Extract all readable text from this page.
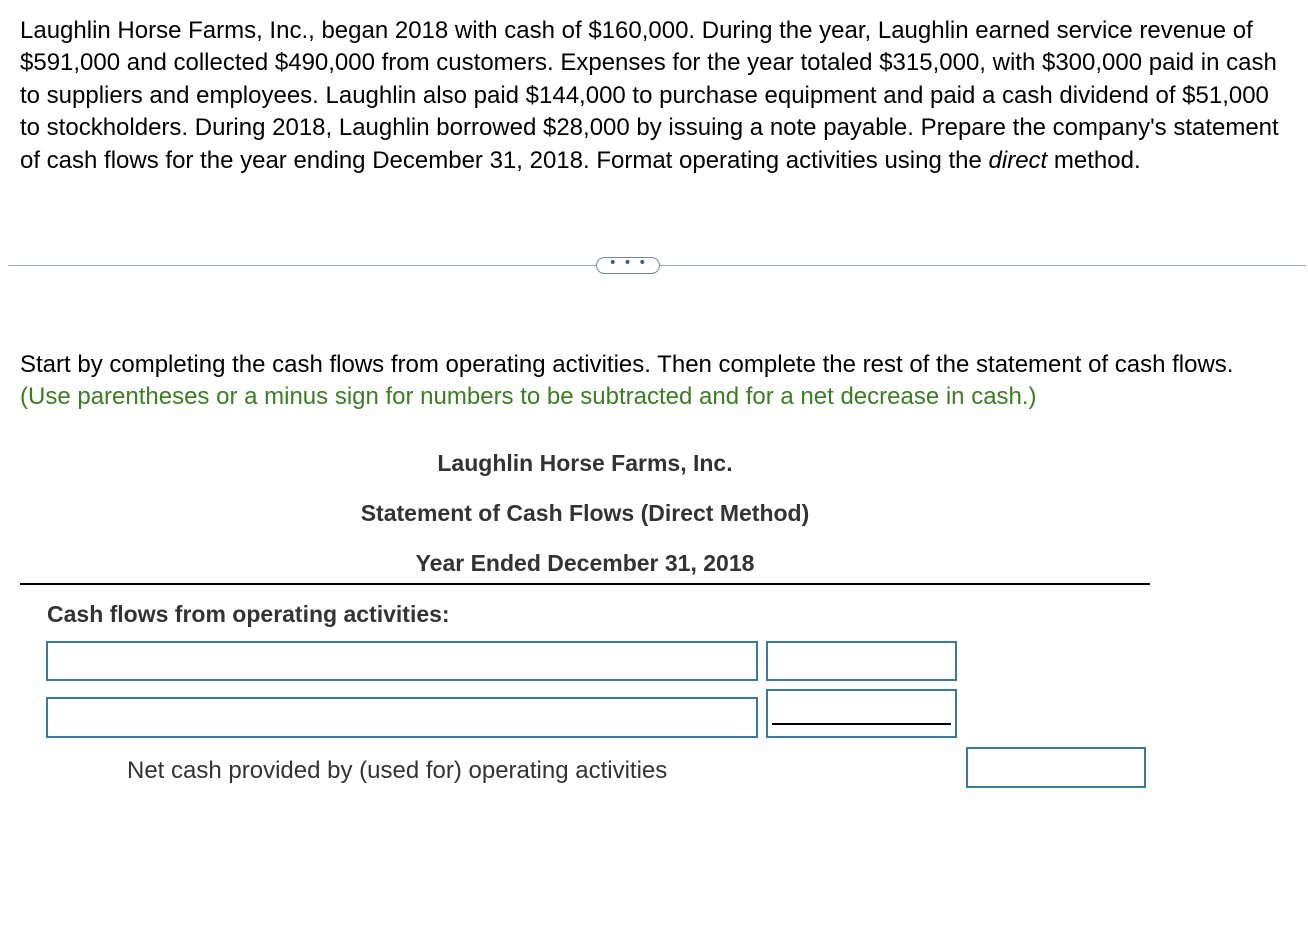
Laughlin Horse Farms, Inc., began 2018 with cash of $160,000. During the year, Laughlin earned service revenue of $591,000 and collected $490,000 from customers. Expenses for the year totaled $315,000, with $300,000 paid in cash to suppliers and employees. Laughlin also paid $144,000 to purchase equipment and paid a cash dividend of $51,000 to stockholders. During 2018, Laughlin borrowed $28,000 by issuing a note payable. Prepare the company's statement of cash flows for the year ending December 31, 2018. Format operating activities using the direct method.

• • •

Start by completing the cash flows from operating activities. Then complete the rest of the statement of cash flows. (Use parentheses or a minus sign for numbers to be subtracted and for a net decrease in cash.)

Laughlin Horse Farms, Inc.

Statement of Cash Flows (Direct Method)

Year Ended December 31, 2018

Cash flows from operating activities:

Net cash provided by (used for) operating activities
